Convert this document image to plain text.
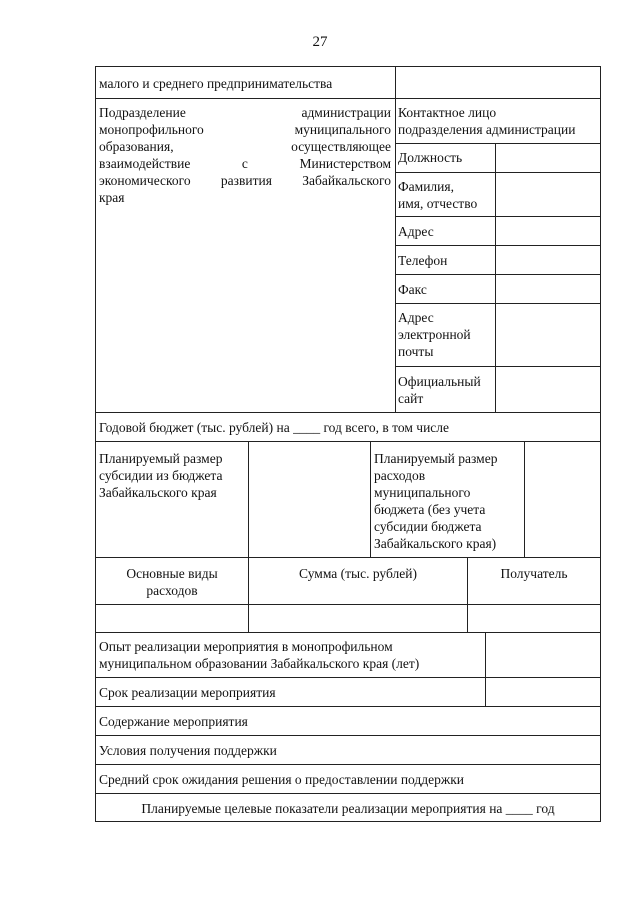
27
малого и среднего предпринимательства
Подразделение администрации
монопрофильного муниципального
образования, осуществляющее
взаимодействие с Министерством
экономического развития Забайкальского
края
Контактное лицо
подразделения администрации
Должность
Фамилия,
имя, отчество
Адрес
Телефон
Факс
Адрес
электронной
почты
Официальный
сайт
Годовой бюджет (тыс. рублей) на ____ год всего, в том числе
Планируемый размер
субсидии из бюджета
Забайкальского края
Планируемый размер
расходов
муниципального
бюджета (без учета
субсидии бюджета
Забайкальского края)
Основные виды
расходов
Сумма (тыс. рублей)	Получатель
Опыт реализации мероприятия в монопрофильном
муниципальном образовании Забайкальского края (лет)
Срок реализации мероприятия
Содержание мероприятия
Условия получения поддержки
Средний срок ожидания решения о предоставлении поддержки
Планируемые целевые показатели реализации мероприятия на ____ год
